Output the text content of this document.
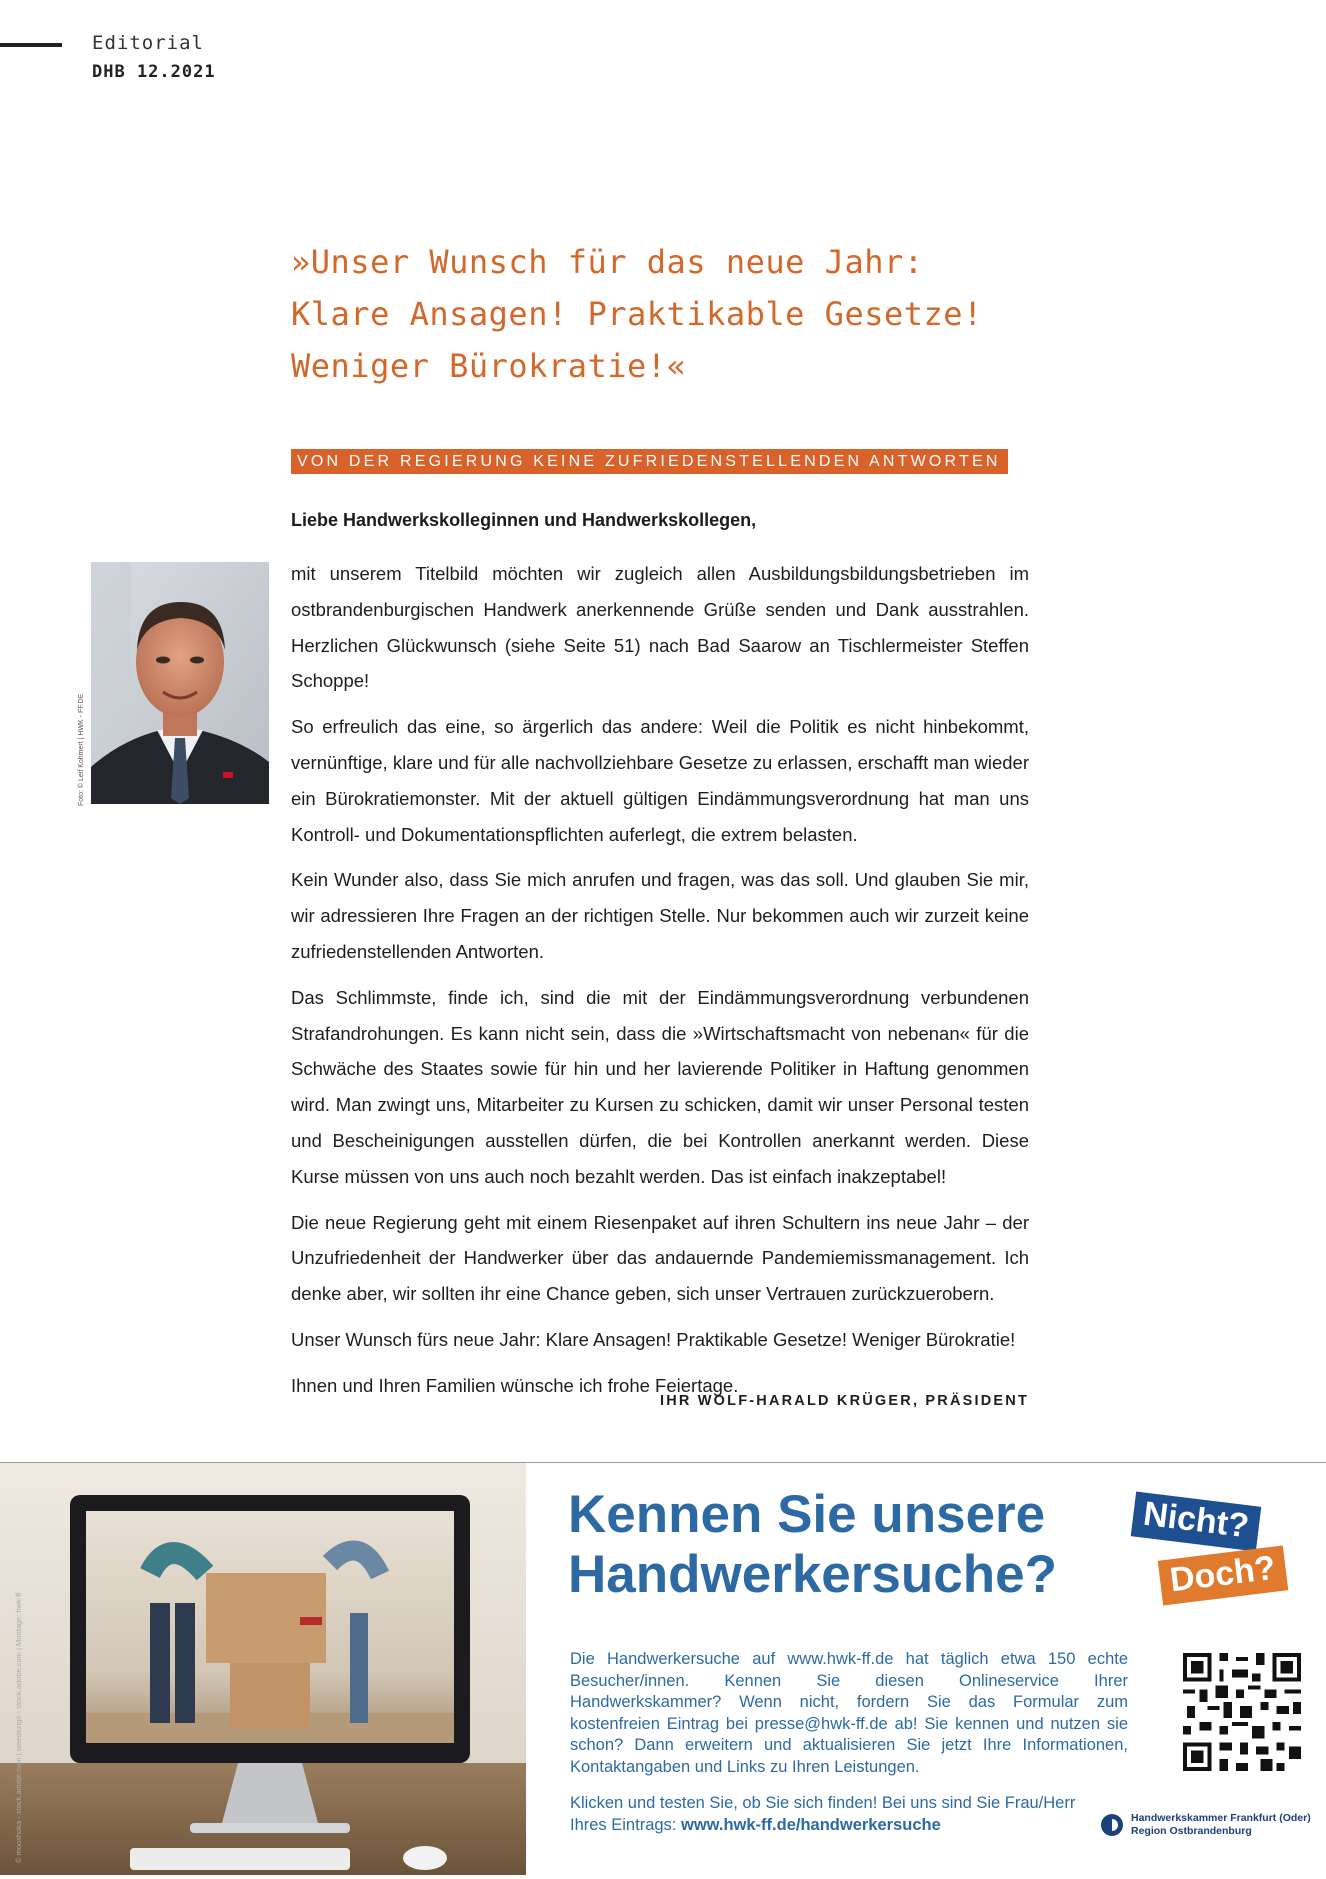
Editorial
DHB 12.2021
»Unser Wunsch für das neue Jahr:
Klare Ansagen! Praktikable Gesetze!
Weniger Bürokratie!«
VON DER REGIERUNG KEINE ZUFRIEDENSTELLENDEN ANTWORTEN
Liebe Handwerkskolleginnen und Handwerkskollegen,
Foto: © Leif Kohmert | HWK - FF.DE

mit unserem Titelbild möchten wir zugleich allen Ausbildungsbildungsbetrieben im ostbrandenburgischen Handwerk anerkennende Grüße senden und Dank ausstrahlen. Herzlichen Glückwunsch (siehe Seite 51) nach Bad Saarow an Tischlermeister Steffen Schoppe!

So erfreulich das eine, so ärgerlich das andere: Weil die Politik es nicht hinbekommt, vernünftige, klare und für alle nachvollziehbare Gesetze zu erlassen, erschafft man wieder ein Bürokratiemonster. Mit der aktuell gültigen Eindämmungsverordnung hat man uns Kontroll- und Dokumentationspflichten auferlegt, die extrem belasten.

Kein Wunder also, dass Sie mich anrufen und fragen, was das soll. Und glauben Sie mir, wir adressieren Ihre Fragen an der richtigen Stelle. Nur bekommen auch wir zurzeit keine zufriedenstellenden Antworten.

Das Schlimmste, finde ich, sind die mit der Eindämmungsverordnung verbundenen Strafandrohungen. Es kann nicht sein, dass die »Wirtschaftsmacht von nebenan« für die Schwäche des Staates sowie für hin und her lavierende Politiker in Haftung genommen wird. Man zwingt uns, Mitarbeiter zu Kursen zu schicken, damit wir unser Personal testen und Bescheinigungen ausstellen dürfen, die bei Kontrollen anerkannt werden. Diese Kurse müssen von uns auch noch bezahlt werden. Das ist einfach inakzeptabel!

Die neue Regierung geht mit einem Riesenpaket auf ihren Schultern ins neue Jahr – der Unzufriedenheit der Handwerker über das andauernde Pandemiemissmanagement. Ich denke aber, wir sollten ihr eine Chance geben, sich unser Vertrauen zurückzuerobern.

Unser Wunsch fürs neue Jahr: Klare Ansagen! Praktikable Gesetze! Weniger Bürokratie!

Ihnen und Ihren Familien wünsche ich frohe Feiertage.

IHR WOLF-HARALD KRÜGER, PRÄSIDENT
© mooshoka - stock.adobe.com | weedezign - stock.adobe.com | Montage: hwk-ff
Kennen Sie unsere
Handwerkersuche?
Nicht?
Doch?
Die Handwerkersuche auf www.hwk-ff.de hat täglich etwa 150 echte Besucher/innen. Kennen Sie diesen Onlineservice Ihrer Handwerkskammer? Wenn nicht, fordern Sie das Formular zum kostenfreien Eintrag bei presse@hwk-ff.de ab! Sie kennen und nutzen sie schon? Dann erweitern und aktualisieren Sie jetzt Ihre Informationen, Kontaktangaben und Links zu Ihren Leistungen.
Klicken und testen Sie, ob Sie sich finden! Bei uns sind Sie Frau/Herr Ihres Eintrags: www.hwk-ff.de/handwerkersuche	Handwerkskammer Frankfurt (Oder)
Region Ostbrandenburg
